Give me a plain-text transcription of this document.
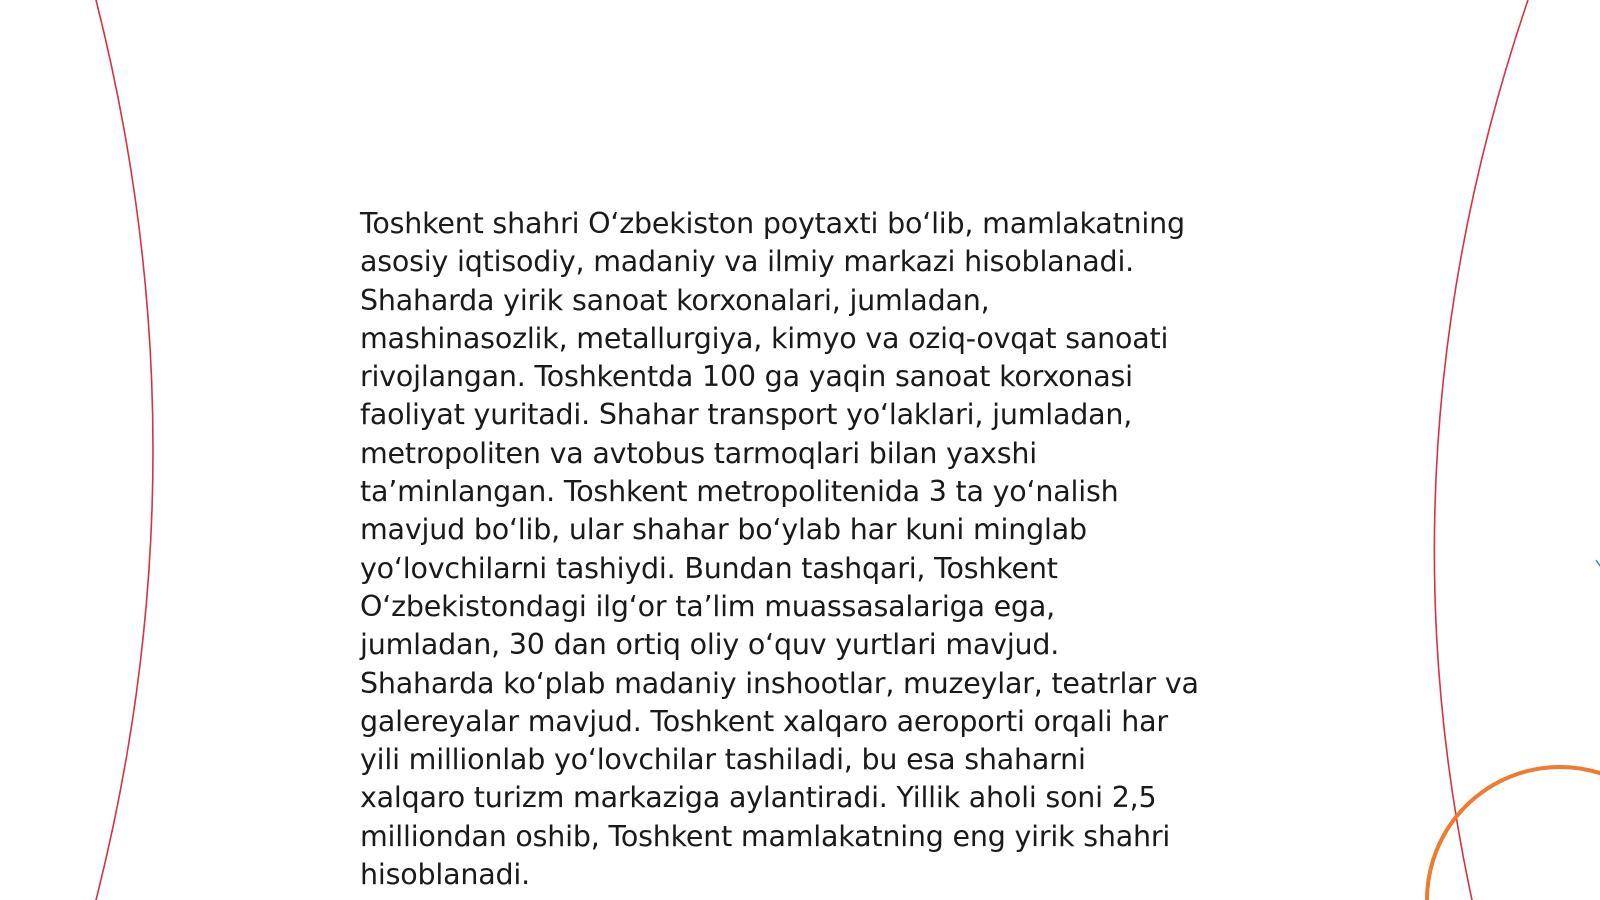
Toshkent shahri O‘zbekiston poytaxti bo‘lib, mamlakatning
asosiy iqtisodiy, madaniy va ilmiy markazi hisoblanadi.
Shaharda yirik sanoat korxonalari, jumladan,
mashinasozlik, metallurgiya, kimyo va oziq-ovqat sanoati
rivojlangan. Toshkentda 100 ga yaqin sanoat korxonasi
faoliyat yuritadi. Shahar transport yo‘laklari, jumladan,
metropoliten va avtobus tarmoqlari bilan yaxshi
ta’minlangan. Toshkent metropolitenida 3 ta yo‘nalish
mavjud bo‘lib, ular shahar bo‘ylab har kuni minglab
yo‘lovchilarni tashiydi. Bundan tashqari, Toshkent
O‘zbekistondagi ilg‘or ta’lim muassasalariga ega,
jumladan, 30 dan ortiq oliy o‘quv yurtlari mavjud.
Shaharda ko‘plab madaniy inshootlar, muzeylar, teatrlar va
galereyalar mavjud. Toshkent xalqaro aeroporti orqali har
yili millionlab yo‘lovchilar tashiladi, bu esa shaharni
xalqaro turizm markaziga aylantiradi. Yillik aholi soni 2,5
milliondan oshib, Toshkent mamlakatning eng yirik shahri
hisoblanadi.
